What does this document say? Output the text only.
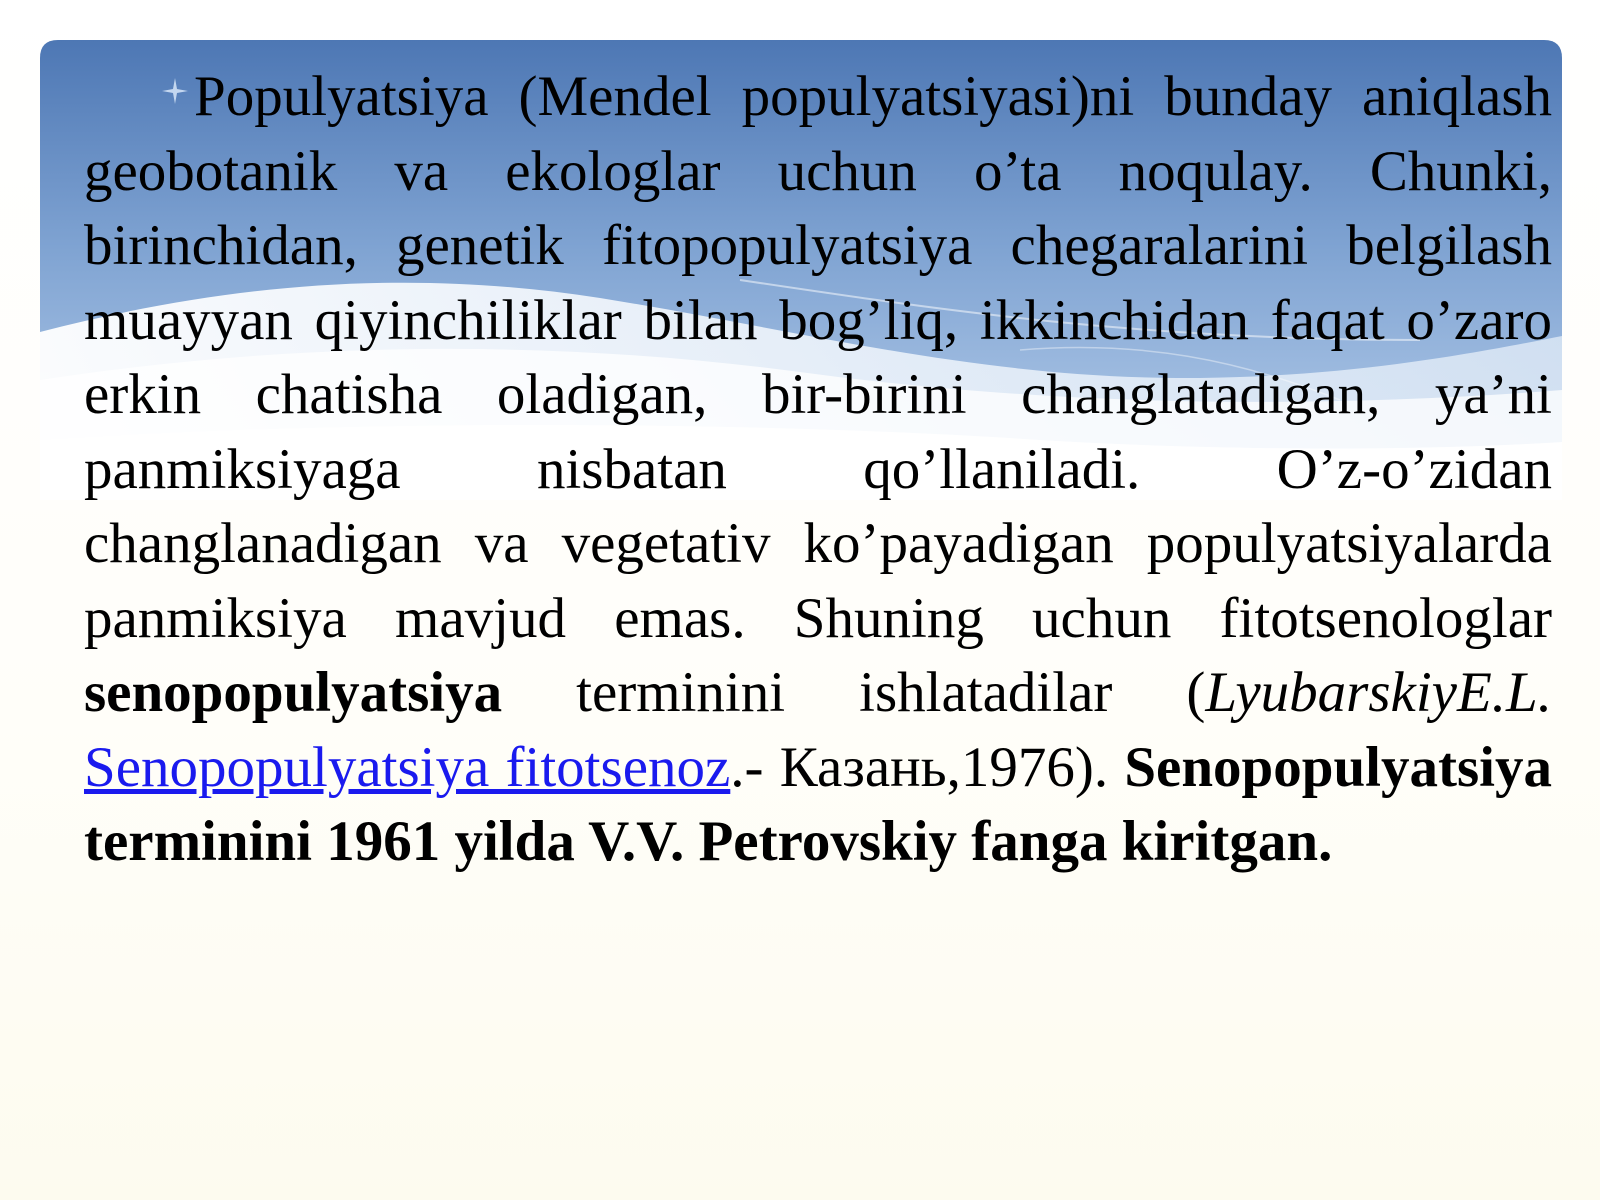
Populyatsiya (Mendel populyatsiyasi)ni bunday aniqlash geobotanik va ekologlar uchun o’ta noqulay. Chunki, birinchidan, genetik fitopopulyatsiya chegaralarini belgilash muayyan qiyinchiliklar bilan bog’liq, ikkinchidan faqat o’zaro erkin chatisha oladigan, bir-birini changlatadigan, ya’ni panmiksiyaga nisbatan qo’llaniladi. O’z-o’zidan changlanadigan va vegetativ ko’payadigan populyatsiyalarda panmiksiya mavjud emas. Shuning uchun fitotsenologlar senopopulyatsiya terminini ishlatadilar (LyubarskiyE.L. Senopopulyatsiya fitotsenoz.- Казань,1976). Senopopulyatsiya terminini 1961 yilda V.V. Petrovskiy fanga kiritgan.
